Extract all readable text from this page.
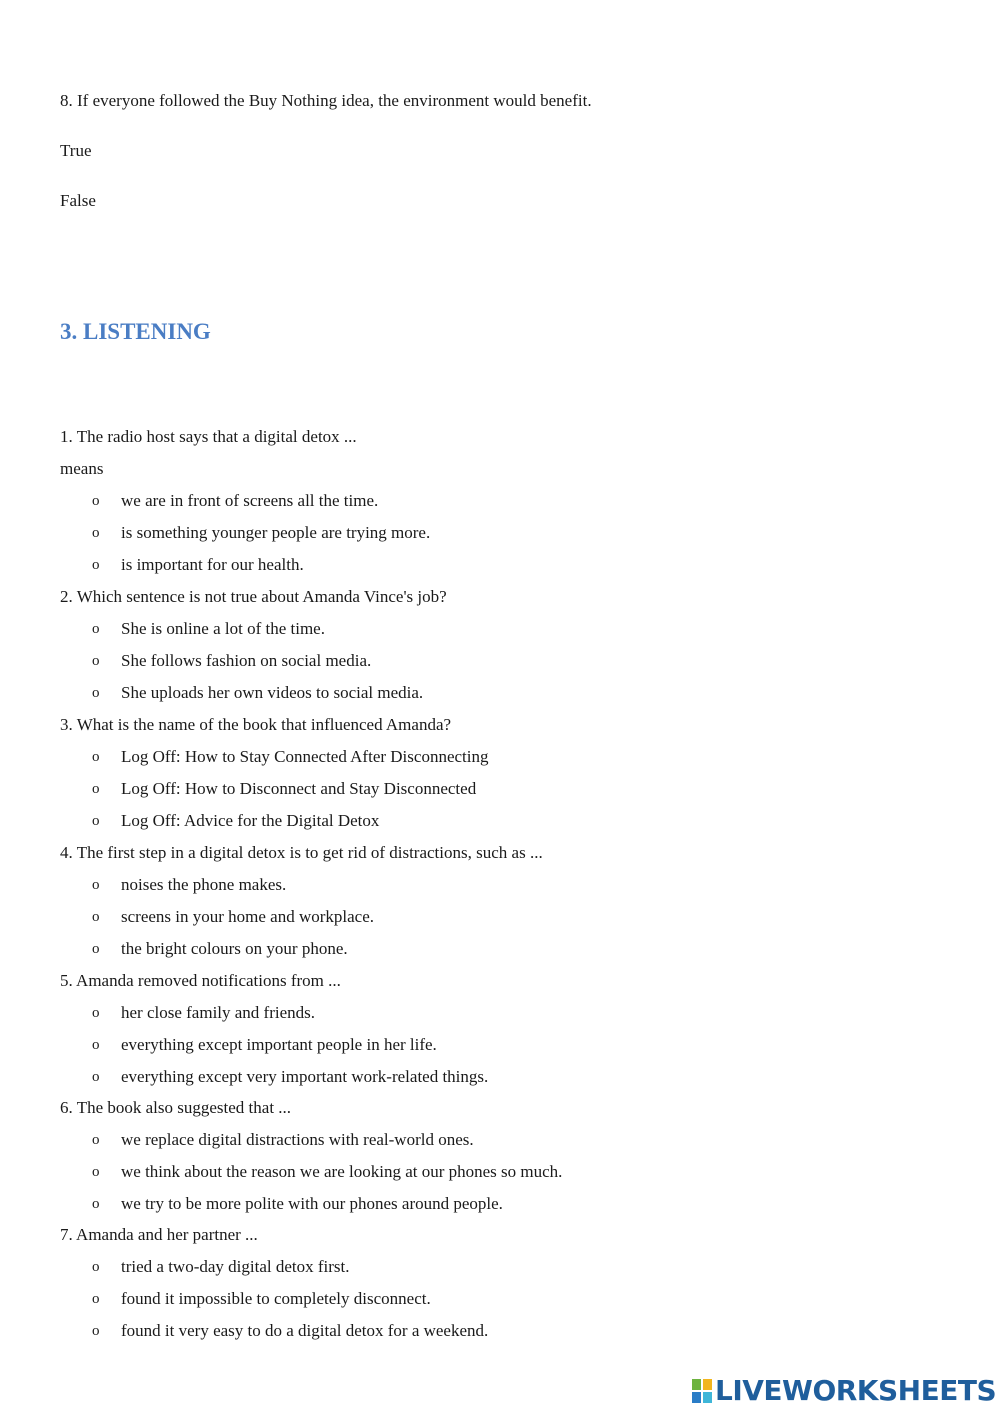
8. If everyone followed the Buy Nothing idea, the environment would benefit.
True
False
3. LISTENING
1. The radio host says that a digital detox ...
means
o we are in front of screens all the time.
o is something younger people are trying more.
o is important for our health.
2. Which sentence is not true about Amanda Vince's job?
o She is online a lot of the time.
o She follows fashion on social media.
o She uploads her own videos to social media.
3. What is the name of the book that influenced Amanda?
o Log Off: How to Stay Connected After Disconnecting
o Log Off: How to Disconnect and Stay Disconnected
o Log Off: Advice for the Digital Detox
4. The first step in a digital detox is to get rid of distractions, such as ...
o noises the phone makes.
o screens in your home and workplace.
o the bright colours on your phone.
5. Amanda removed notifications from ...
o her close family and friends.
o everything except important people in her life.
o everything except very important work-related things.
6. The book also suggested that ...
o we replace digital distractions with real-world ones.
o we think about the reason we are looking at our phones so much.
o we try to be more polite with our phones around people.
7. Amanda and her partner ...
o tried a two-day digital detox first.
o found it impossible to completely disconnect.
o found it very easy to do a digital detox for a weekend.
LIVEWORKSHEETS
